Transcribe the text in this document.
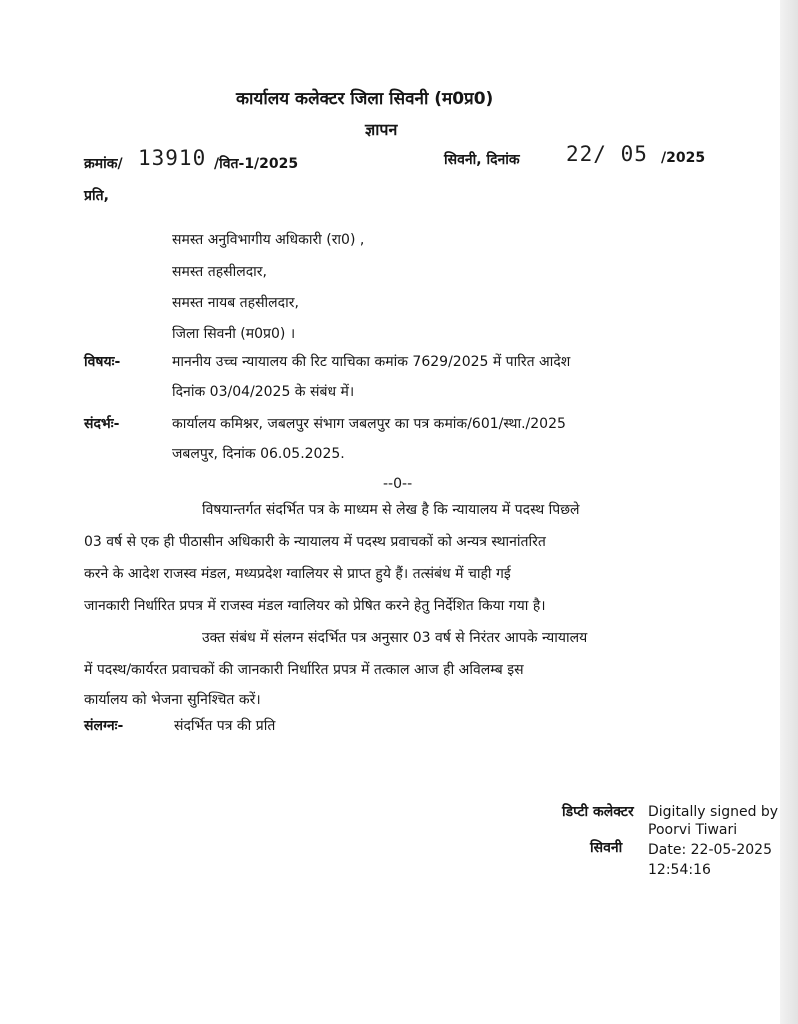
कार्यालय कलेक्टर जिला सिवनी (म0प्र0)
ज्ञापन
क्रमांक/ 13910 /वित-1/2025	सिवनी, दिनांक 22/ 05 /2025
प्रति,
समस्त अनुविभागीय अधिकारी (रा0) ,
समस्त तहसीलदार,
समस्त नायब तहसीलदार,
जिला सिवनी (म0प्र0) ।
विषयः-	माननीय उच्च न्यायालय की रिट याचिका कमांक 7629/2025 में पारित आदेश
दिनांक 03/04/2025 के संबंध में।
संदर्भः-	कार्यालय कमिश्नर, जबलपुर संभाग जबलपुर का पत्र कमांक/601/स्था./2025
जबलपुर, दिनांक 06.05.2025.
--0--
विषयान्तर्गत संदर्भित पत्र के माध्यम से लेख है कि न्यायालय में पदस्थ पिछले
03 वर्ष से एक ही पीठासीन अधिकारी के न्यायालय में पदस्थ प्रवाचकों को अन्यत्र स्थानांतरित
करने के आदेश राजस्व मंडल, मध्यप्रदेश ग्वालियर से प्राप्त हुये हैं। तत्संबंध में चाही गई
जानकारी निर्धारित प्रपत्र में राजस्व मंडल ग्वालियर को प्रेषित करने हेतु निर्देशित किया गया है।
उक्त संबंध में संलग्न संदर्भित पत्र अनुसार 03 वर्ष से निरंतर आपके न्यायालय
में पदस्थ/कार्यरत प्रवाचकों की जानकारी निर्धारित प्रपत्र में तत्काल आज ही अविलम्ब इस
कार्यालय को भेजना सुनिश्चित करें।
संलग्नः-	संदर्भित पत्र की प्रति
डिप्टी कलेक्टर
सिवनी
Digitally signed by
Poorvi Tiwari
Date: 22-05-2025
12:54:16
